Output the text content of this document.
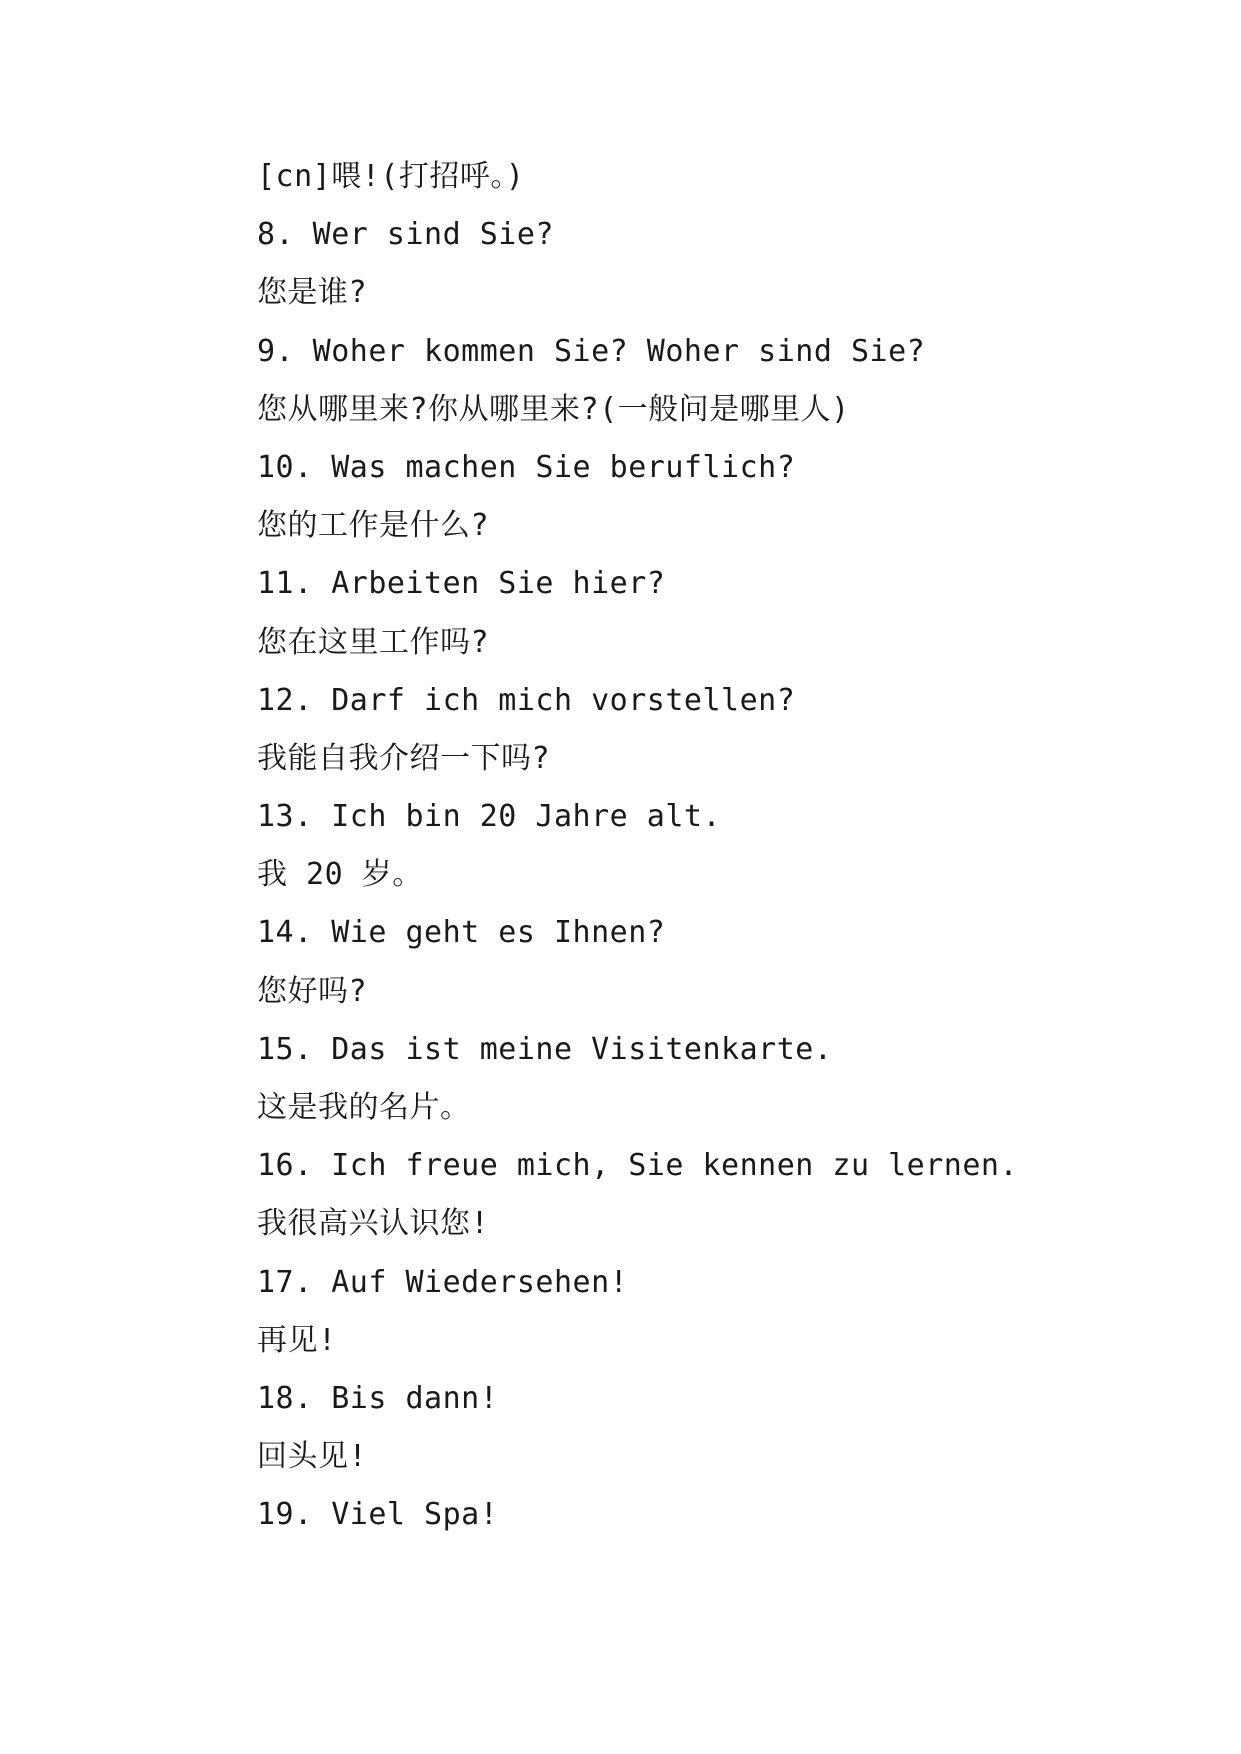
[cn]喂!(打招呼。)
8. Wer sind Sie?
您是谁?
9. Woher kommen Sie? Woher sind Sie?
您从哪里来?你从哪里来?(一般问是哪里人)
10. Was machen Sie beruflich?
您的工作是什么?
11. Arbeiten Sie hier?
您在这里工作吗?
12. Darf ich mich vorstellen?
我能自我介绍一下吗?
13. Ich bin 20 Jahre alt.
我 20 岁。
14. Wie geht es Ihnen?
您好吗?
15. Das ist meine Visitenkarte.
这是我的名片。
16. Ich freue mich, Sie kennen zu lernen.
我很高兴认识您!
17. Auf Wiedersehen!
再见!
18. Bis dann!
回头见!
19. Viel Spa!
